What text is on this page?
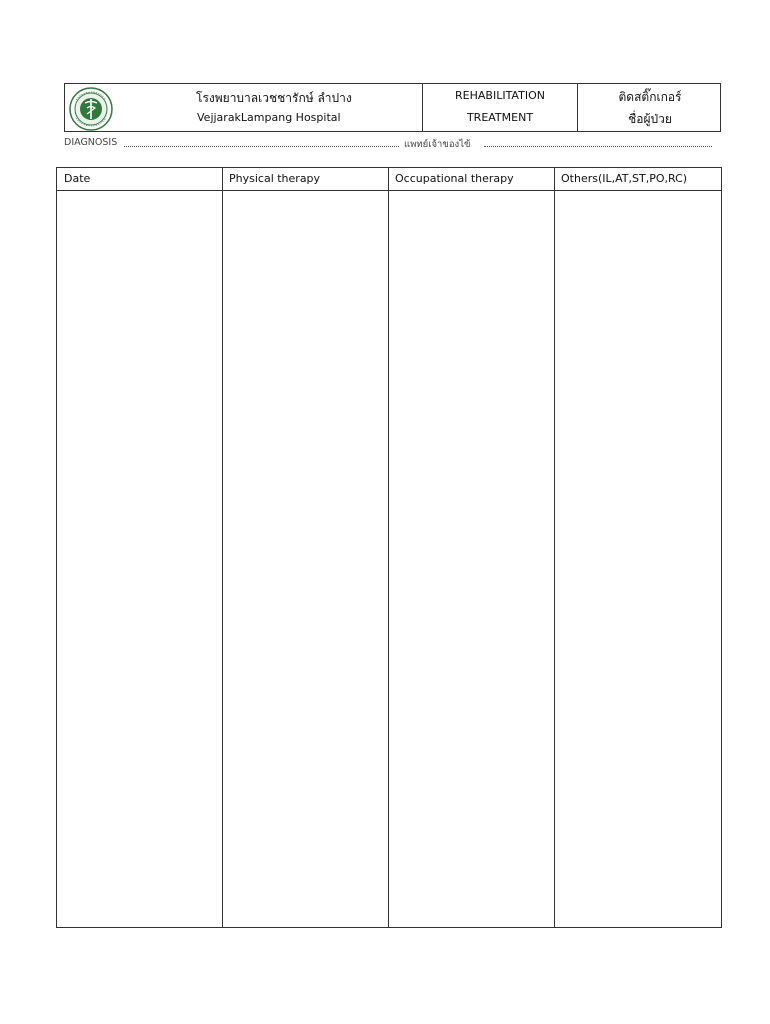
โรงพยาบาลเวชชารักษ์ ลำปาง
VejjarakLampang Hospital
REHABILITATION
TREATMENT
ติดสติ๊กเกอร์
ชื่อผู้ป่วย
DIAGNOSIS	แพทย์เจ้าของไข้
Date	Physical therapy	Occupational therapy	Others(IL,AT,ST,PO,RC)
